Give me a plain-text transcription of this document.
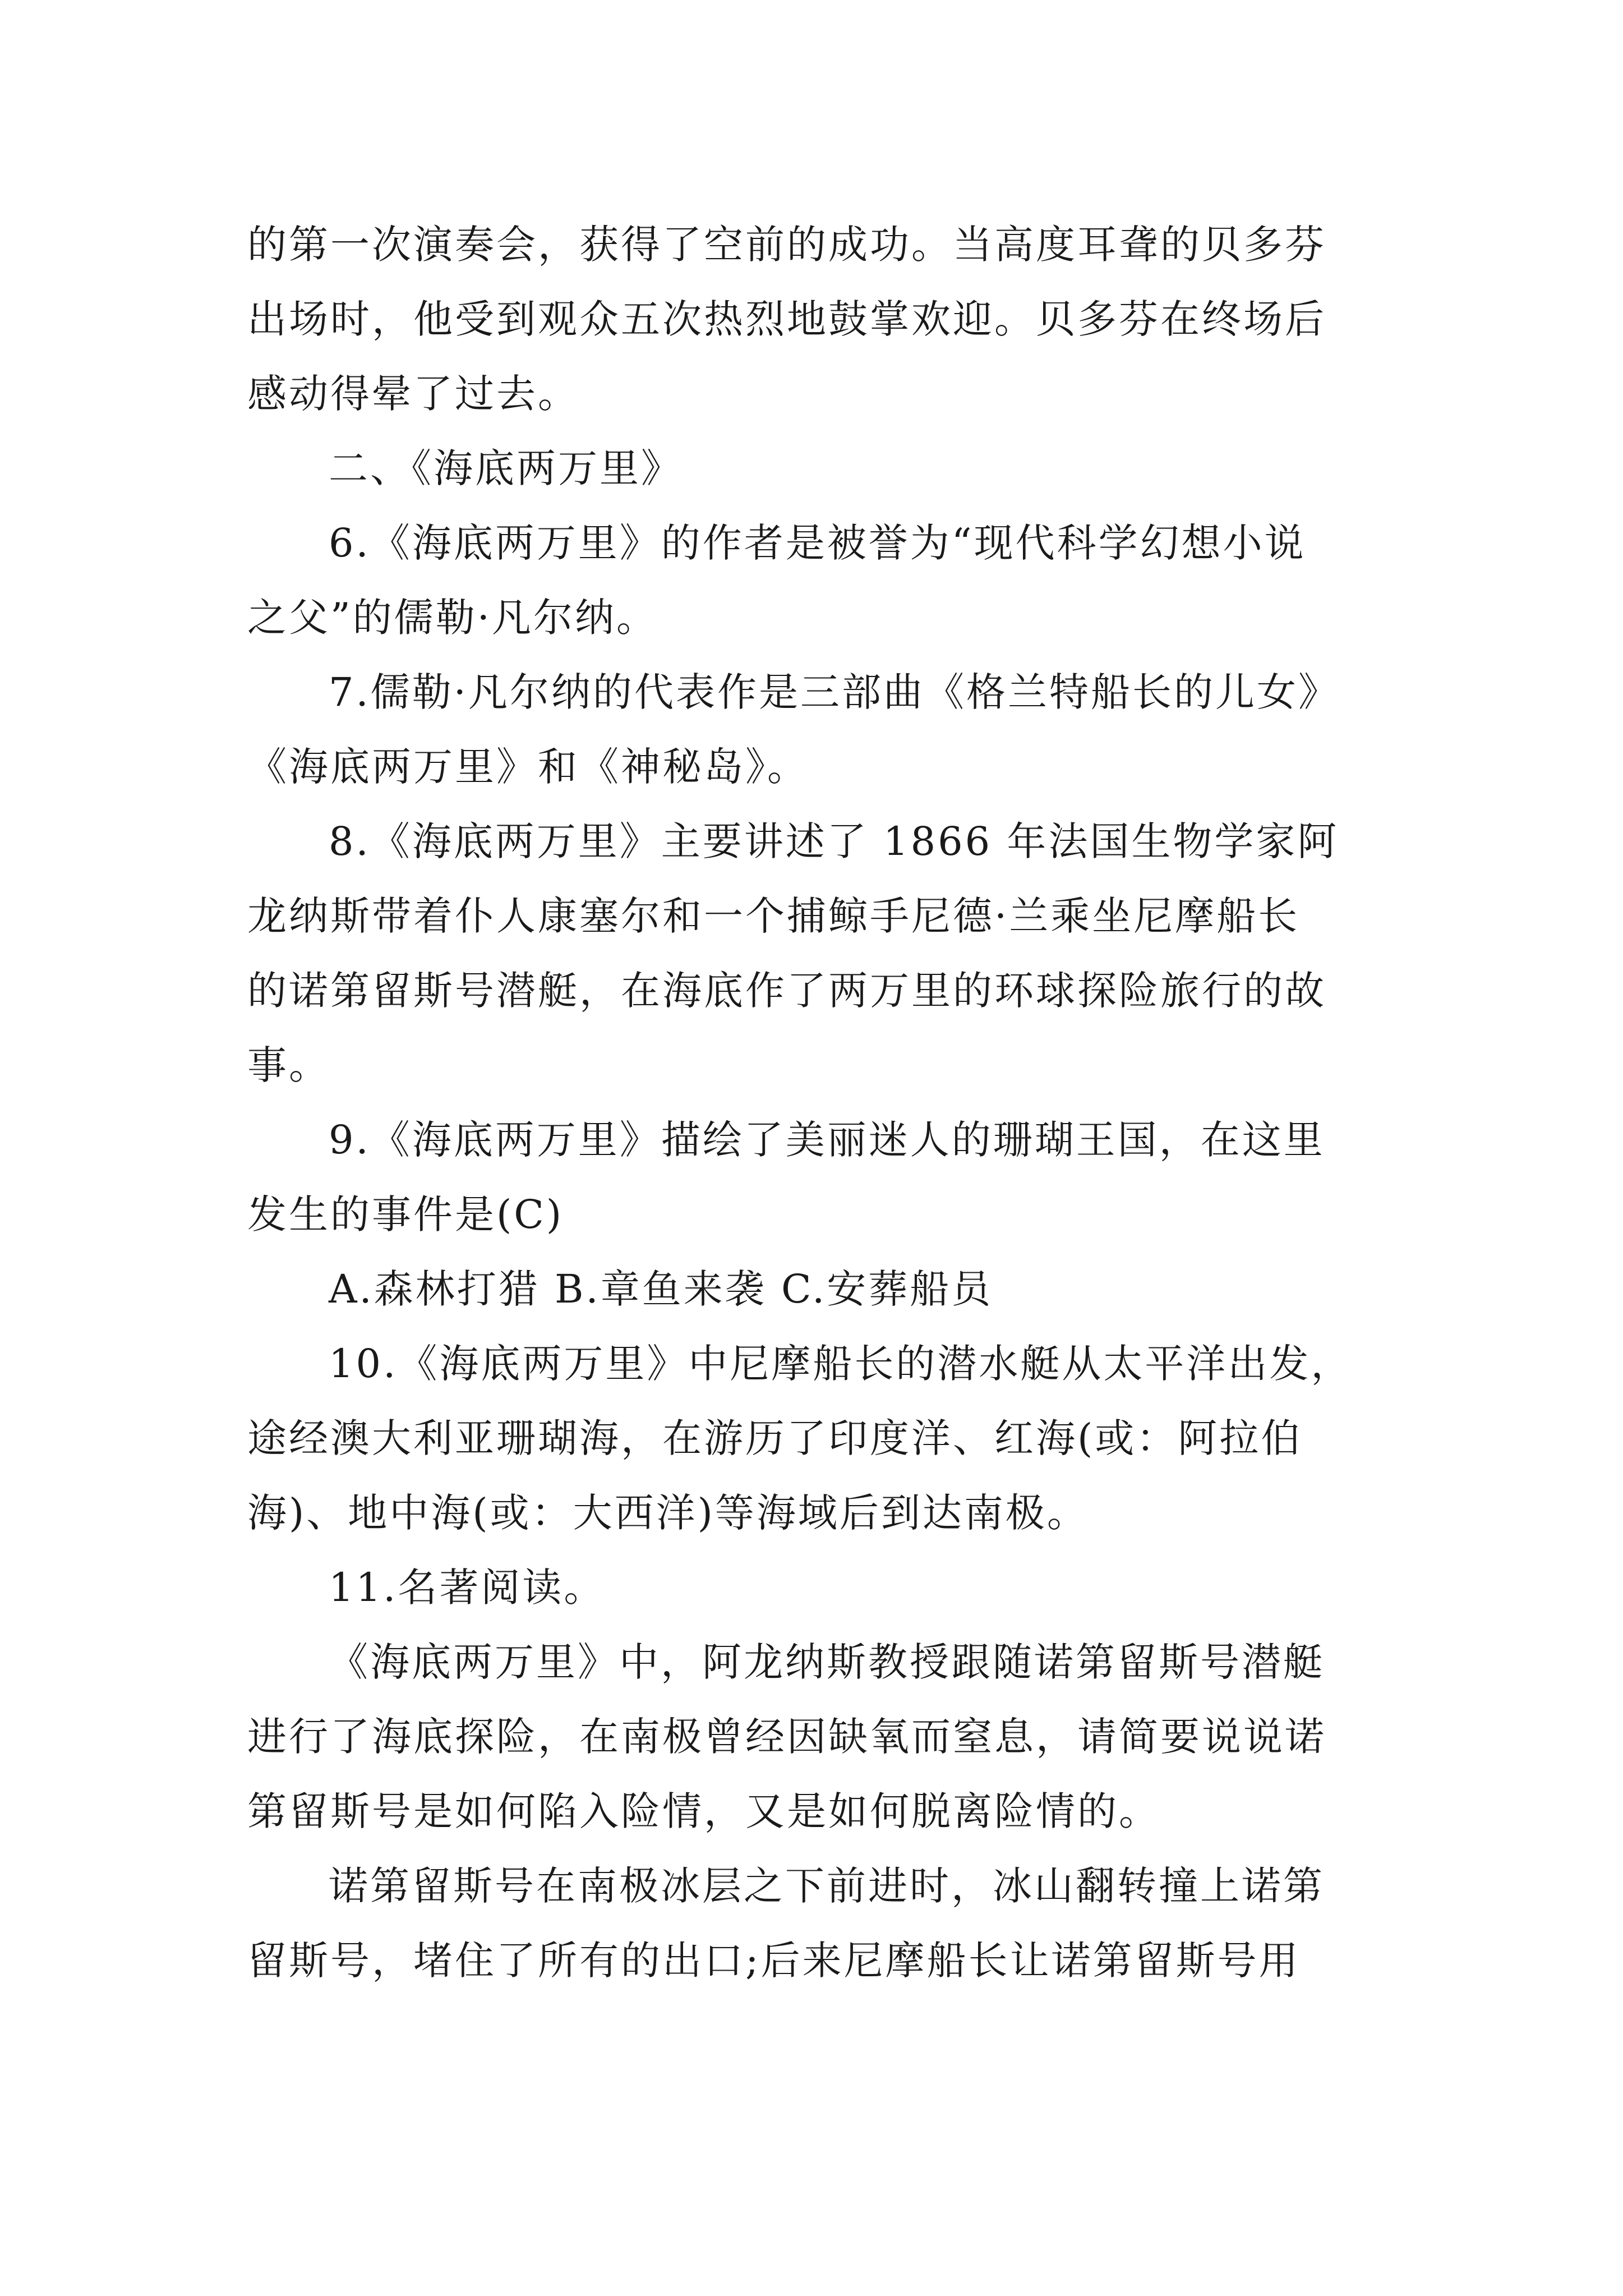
的第一次演奏会，获得了空前的成功。当高度耳聋的贝多芬
出场时，他受到观众五次热烈地鼓掌欢迎。贝多芬在终场后
感动得晕了过去。
二、《海底两万里》
6.《海底两万里》的作者是被誉为“现代科学幻想小说
之父”的儒勒·凡尔纳。
7.儒勒·凡尔纳的代表作是三部曲《格兰特船长的儿女》
《海底两万里》和《神秘岛》。
8.《海底两万里》主要讲述了 1866 年法国生物学家阿
龙纳斯带着仆人康塞尔和一个捕鲸手尼德·兰乘坐尼摩船长
的诺第留斯号潜艇，在海底作了两万里的环球探险旅行的故
事。
9.《海底两万里》描绘了美丽迷人的珊瑚王国，在这里
发生的事件是(C)
A.森林打猎 B.章鱼来袭 C.安葬船员
10.《海底两万里》中尼摩船长的潜水艇从太平洋出发，
途经澳大利亚珊瑚海，在游历了印度洋、红海(或：阿拉伯
海)、地中海(或：大西洋)等海域后到达南极。
11.名著阅读。
《海底两万里》中，阿龙纳斯教授跟随诺第留斯号潜艇
进行了海底探险，在南极曾经因缺氧而窒息，请简要说说诺
第留斯号是如何陷入险情，又是如何脱离险情的。
诺第留斯号在南极冰层之下前进时，冰山翻转撞上诺第
留斯号，堵住了所有的出口;后来尼摩船长让诺第留斯号用
